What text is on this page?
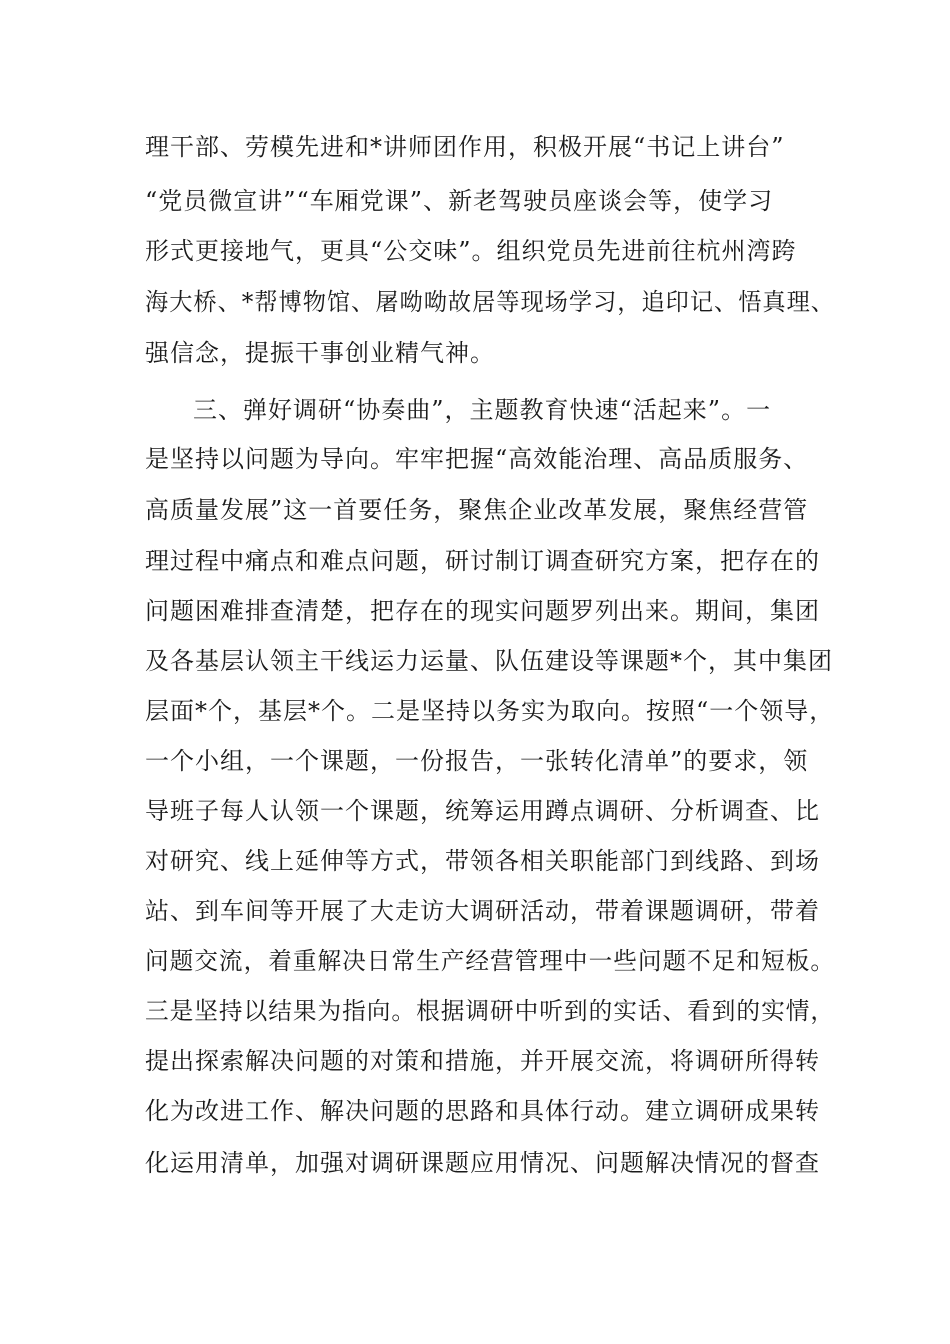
理干部、劳模先进和*讲师团作用，积极开展“书记上讲台”

“党员微宣讲”“车厢党课”、新老驾驶员座谈会等，使学习

形式更接地气，更具“公交味”。组织党员先进前往杭州湾跨

海大桥、*帮博物馆、屠呦呦故居等现场学习，追印记、悟真理、

强信念，提振干事创业精气神。

三、弹好调研“协奏曲”，主题教育快速“活起来”。一

是坚持以问题为导向。牢牢把握“高效能治理、高品质服务、

高质量发展”这一首要任务，聚焦企业改革发展，聚焦经营管

理过程中痛点和难点问题，研讨制订调查研究方案，把存在的

问题困难排查清楚，把存在的现实问题罗列出来。期间，集团

及各基层认领主干线运力运量、队伍建设等课题*个，其中集团

层面*个，基层*个。二是坚持以务实为取向。按照“一个领导，

一个小组，一个课题，一份报告，一张转化清单”的要求，领

导班子每人认领一个课题，统筹运用蹲点调研、分析调查、比

对研究、线上延伸等方式，带领各相关职能部门到线路、到场

站、到车间等开展了大走访大调研活动，带着课题调研，带着

问题交流，着重解决日常生产经营管理中一些问题不足和短板。

三是坚持以结果为指向。根据调研中听到的实话、看到的实情，

提出探索解决问题的对策和措施，并开展交流，将调研所得转

化为改进工作、解决问题的思路和具体行动。建立调研成果转

化运用清单，加强对调研课题应用情况、问题解决情况的督查
